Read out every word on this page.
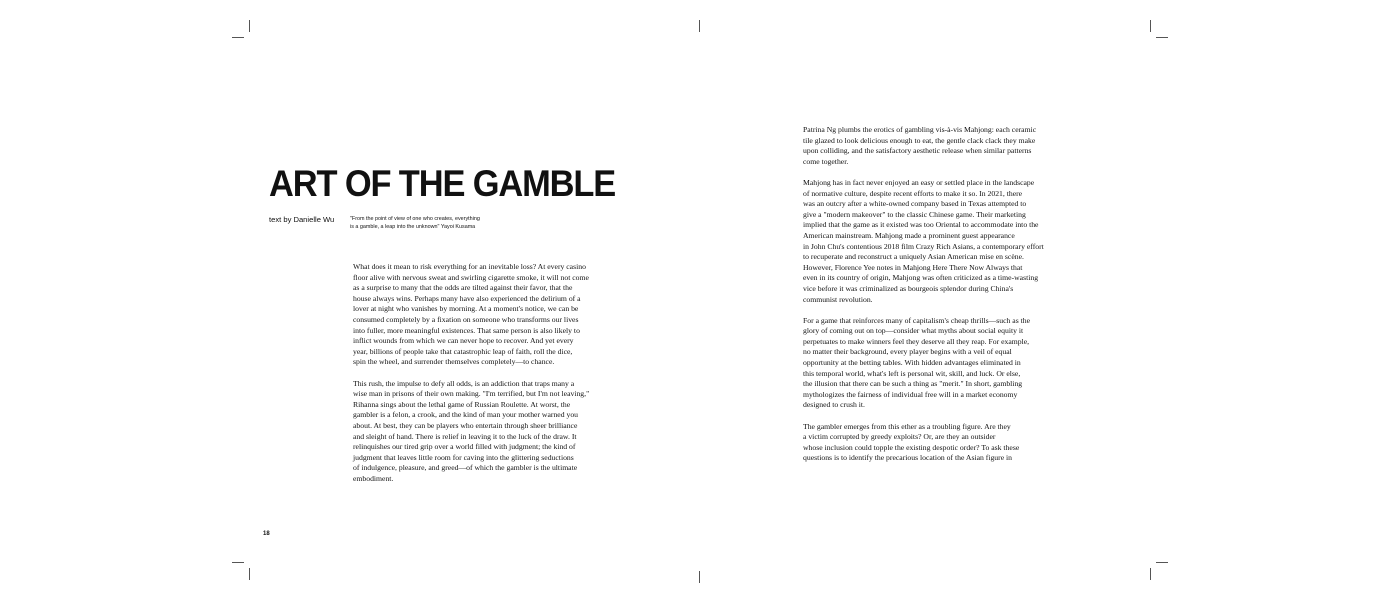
ART OF THE GAMBLE
text by Danielle Wu	"From the point of view of one who creates, everything
is a gamble, a leap into the unknown" Yayoi Kusama

What does it mean to risk everything for an inevitable loss? At every casino
floor alive with nervous sweat and swirling cigarette smoke, it will not come
as a surprise to many that the odds are tilted against their favor, that the
house always wins. Perhaps many have also experienced the delirium of a
lover at night who vanishes by morning. At a moment's notice, we can be
consumed completely by a fixation on someone who transforms our lives
into fuller, more meaningful existences. That same person is also likely to
inflict wounds from which we can never hope to recover. And yet every
year, billions of people take that catastrophic leap of faith, roll the dice,
spin the wheel, and surrender themselves completely—to chance.

This rush, the impulse to defy all odds, is an addiction that traps many a
wise man in prisons of their own making. "I'm terrified, but I'm not leaving,"
Rihanna sings about the lethal game of Russian Roulette. At worst, the
gambler is a felon, a crook, and the kind of man your mother warned you
about. At best, they can be players who entertain through sheer brilliance
and sleight of hand. There is relief in leaving it to the luck of the draw. It
relinquishes our tired grip over a world filled with judgment; the kind of
judgment that leaves little room for caving into the glittering seductions
of indulgence, pleasure, and greed—of which the gambler is the ultimate
embodiment.

Patrina Ng plumbs the erotics of gambling vis-à-vis Mahjong: each ceramic
tile glazed to look delicious enough to eat, the gentle clack clack they make
upon colliding, and the satisfactory aesthetic release when similar patterns
come together.

Mahjong has in fact never enjoyed an easy or settled place in the landscape
of normative culture, despite recent efforts to make it so. In 2021, there
was an outcry after a white-owned company based in Texas attempted to
give a "modern makeover" to the classic Chinese game. Their marketing
implied that the game as it existed was too Oriental to accommodate into the
American mainstream. Mahjong made a prominent guest appearance
in John Chu's contentious 2018 film Crazy Rich Asians, a contemporary effort
to recuperate and reconstruct a uniquely Asian American mise en scène.
However, Florence Yee notes in Mahjong Here There Now Always that
even in its country of origin, Mahjong was often criticized as a time-wasting
vice before it was criminalized as bourgeois splendor during China's
communist revolution.

For a game that reinforces many of capitalism's cheap thrills—such as the
glory of coming out on top—consider what myths about social equity it
perpetuates to make winners feel they deserve all they reap. For example,
no matter their background, every player begins with a veil of equal
opportunity at the betting tables. With hidden advantages eliminated in
this temporal world, what's left is personal wit, skill, and luck. Or else,
the illusion that there can be such a thing as "merit." In short, gambling
mythologizes the fairness of individual free will in a market economy
designed to crush it.

The gambler emerges from this ether as a troubling figure. Are they
a victim corrupted by greedy exploits? Or, are they an outsider
whose inclusion could topple the existing despotic order? To ask these
questions is to identify the precarious location of the Asian figure in

18
